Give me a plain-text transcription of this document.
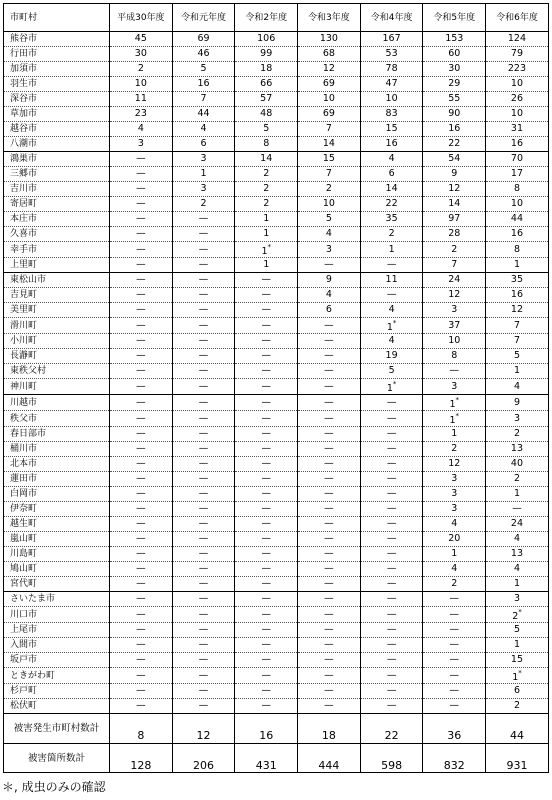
市町村	平成30年度	令和元年度	令和2年度	令和3年度	令和4年度	令和5年度	令和6年度
熊谷市	45	69	106	130	167	153	124
行田市	30	46	99	68	53	60	79
加須市	2	5	18	12	78	30	223
羽生市	10	16	66	69	47	29	10
深谷市	11	7	57	10	10	55	26
草加市	23	44	48	69	83	90	10
越谷市	4	4	5	7	15	16	31
八潮市	3	6	8	14	16	22	16
鴻巣市	—	3	14	15	4	54	70
三郷市	—	1	2	7	6	9	17
吉川市	—	3	2	2	14	12	8
寄居町	—	2	2	10	22	14	10
本庄市	—	—	1	5	35	97	44
久喜市	—	—	1	4	2	28	16
幸手市	—	—	1*	3	1	2	8
上里町	—	—	1	—	—	7	1
東松山市	—	—	—	9	11	24	35
吉見町	—	—	—	4	—	12	16
美里町	—	—	—	6	4	3	12
滑川町	—	—	—	—	1*	37	7
小川町	—	—	—	—	4	10	7
長瀞町	—	—	—	—	19	8	5
東秩父村	—	—	—	—	5	—	1
神川町	—	—	—	—	1*	3	4
川越市	—	—	—	—	—	1*	9
秩父市	—	—	—	—	—	1*	3
春日部市	—	—	—	—	—	1	2
桶川市	—	—	—	—	—	2	13
北本市	—	—	—	—	—	12	40
蓮田市	—	—	—	—	—	3	2
白岡市	—	—	—	—	—	3	1
伊奈町	—	—	—	—	—	3	—
越生町	—	—	—	—	—	4	24
嵐山町	—	—	—	—	—	20	4
川島町	—	—	—	—	—	1	13
鳩山町	—	—	—	—	—	4	4
宮代町	—	—	—	—	—	2	1
さいたま市	—	—	—	—	—	—	3
川口市	—	—	—	—	—	—	2*
上尾市	—	—	—	—	—	—	5
入間市	—	—	—	—	—	—	1
坂戸市	—	—	—	—	—	—	15
ときがわ町	—	—	—	—	—	—	1*
杉戸町	—	—	—	—	—	—	6
松伏町	—	—	—	—	—	—	2
被害発生市町村数計	8	12	16	18	22	36	44
被害箇所数計	128	206	431	444	598	832	931
＊, 成虫のみの確認
